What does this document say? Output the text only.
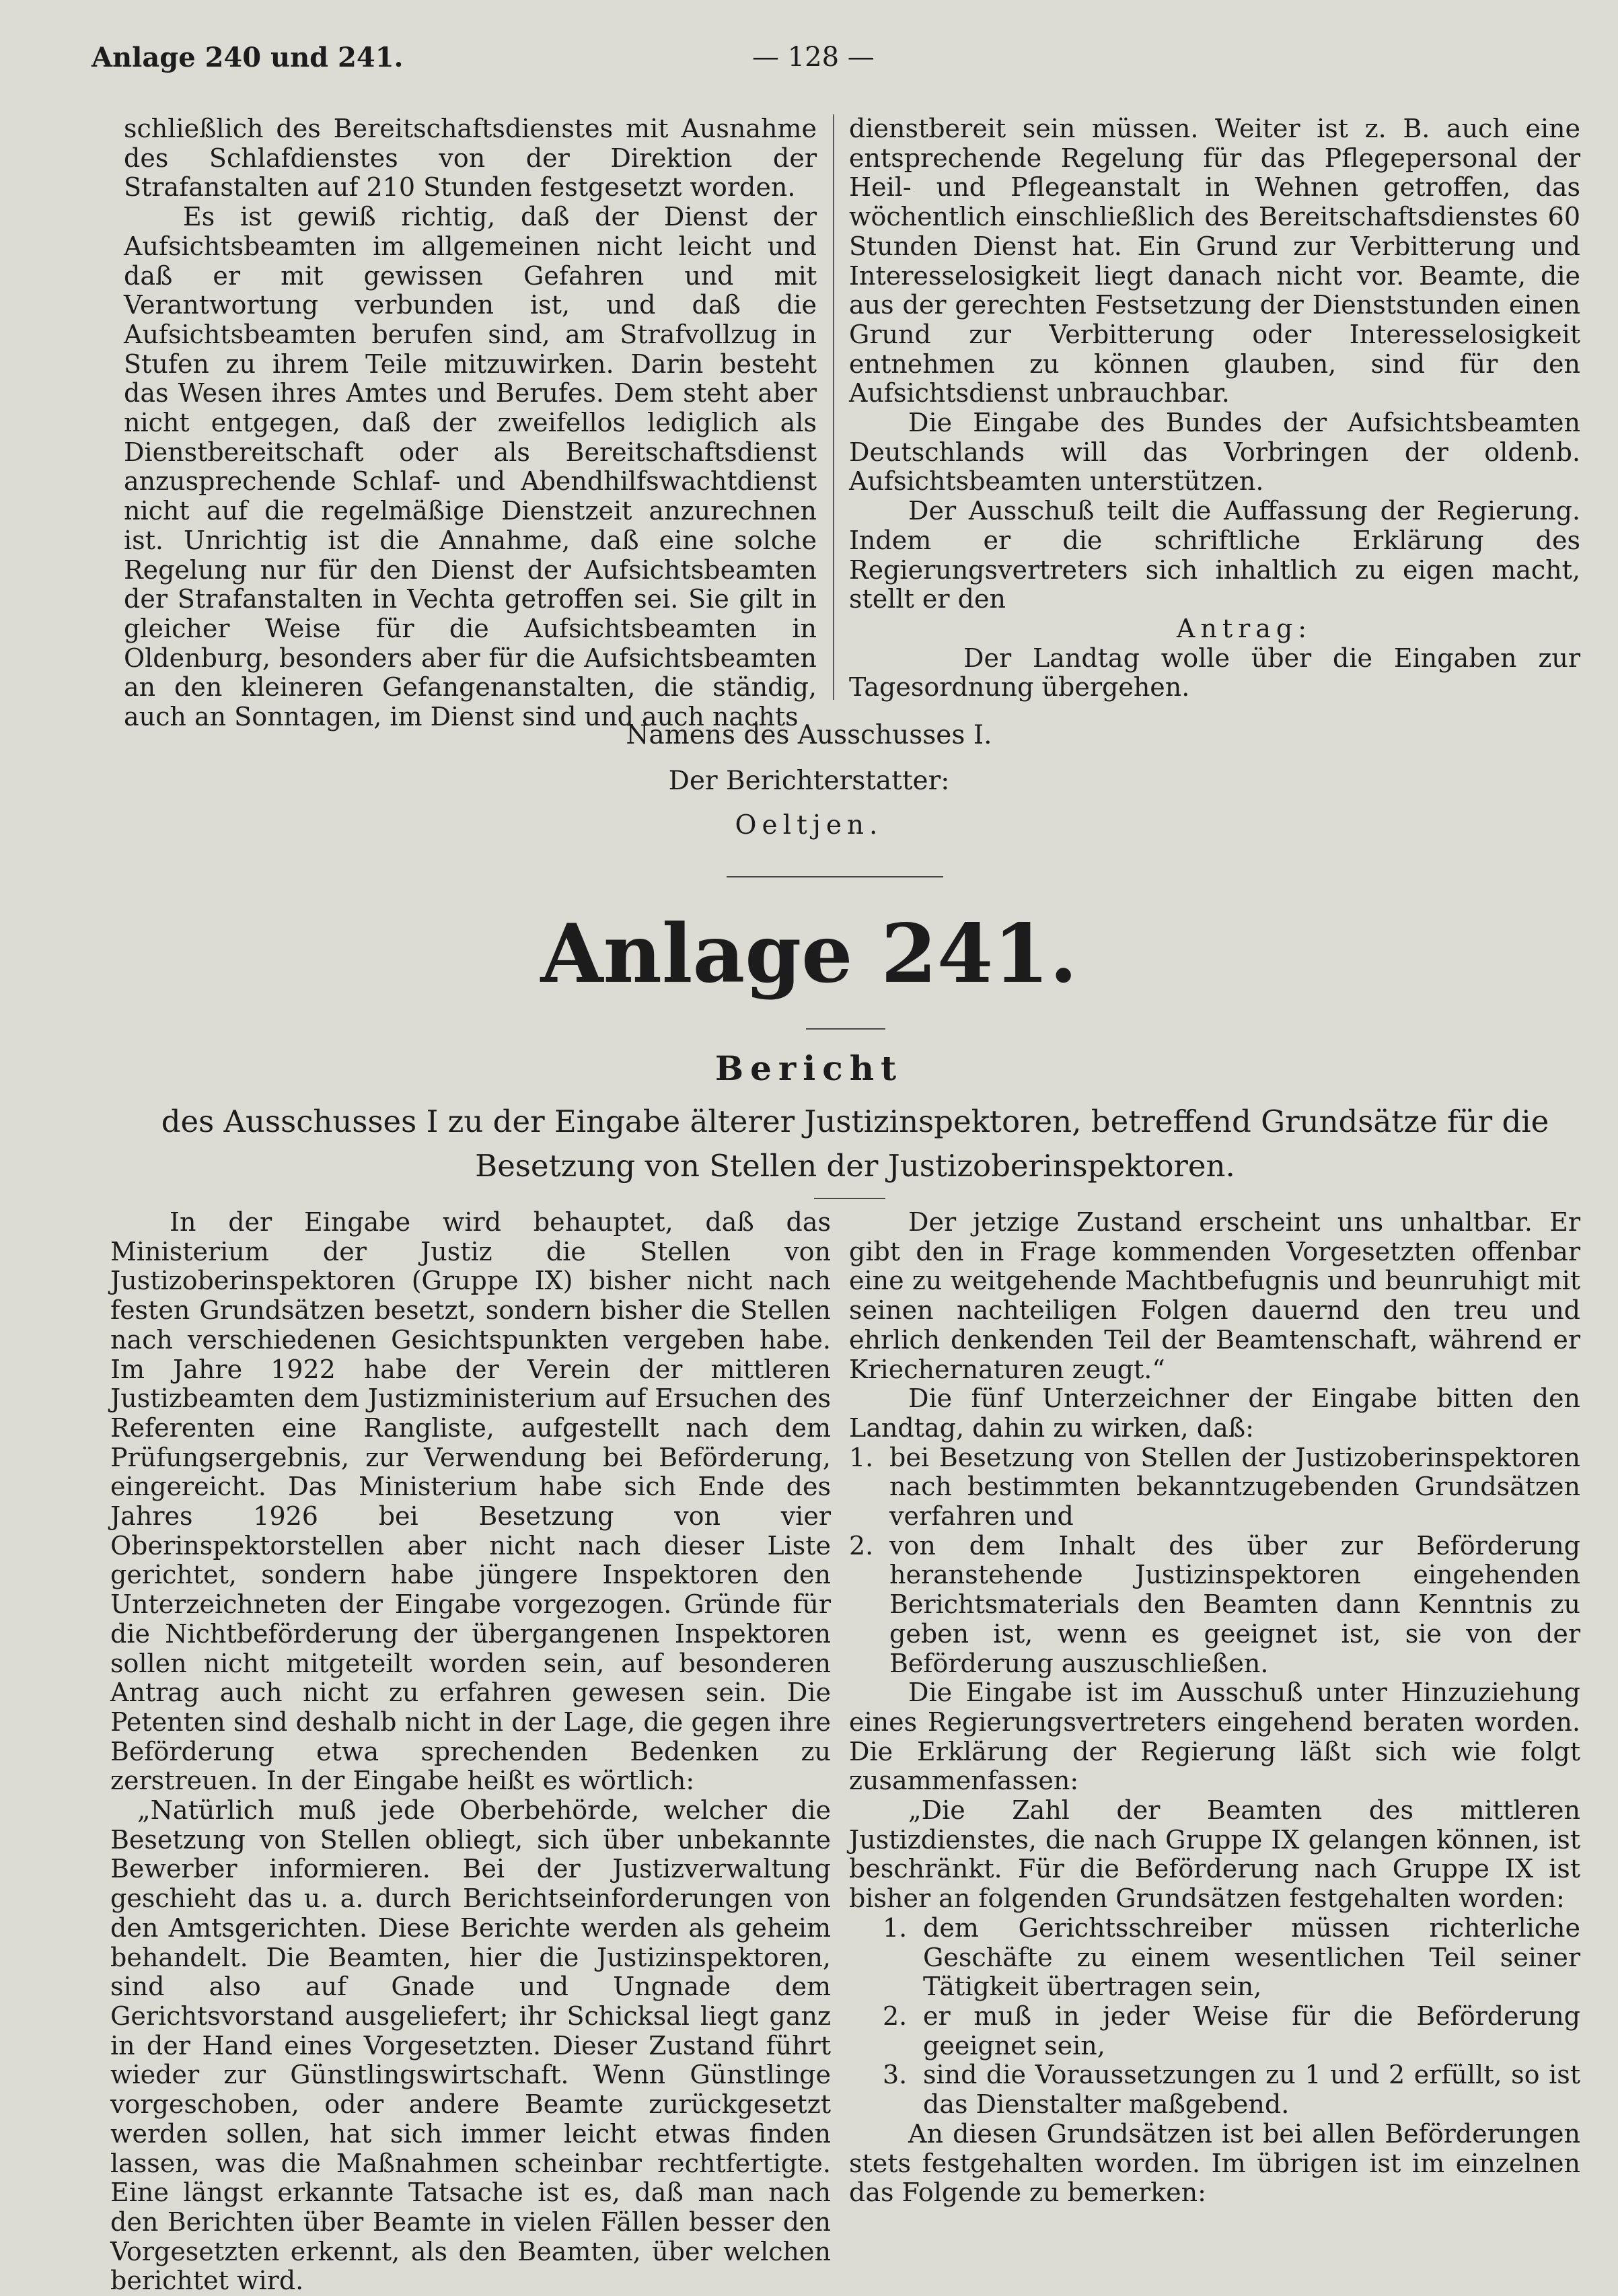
Anlage 240 und 241.	— 128 —

schließlich des Bereitschaftsdienstes mit Ausnahme des Schlafdienstes von der Direktion der Strafanstalten auf 210 Stunden festgesetzt worden.

Es ist gewiß richtig, daß der Dienst der Aufsichtsbeamten im allgemeinen nicht leicht und daß er mit gewissen Gefahren und mit Verantwortung verbunden ist, und daß die Aufsichtsbeamten berufen sind, am Strafvollzug in Stufen zu ihrem Teile mitzuwirken. Darin besteht das Wesen ihres Amtes und Berufes. Dem steht aber nicht entgegen, daß der zweifellos lediglich als Dienstbereitschaft oder als Bereitschaftsdienst anzusprechende Schlaf- und Abendhilfswachtdienst nicht auf die regelmäßige Dienstzeit anzurechnen ist. Unrichtig ist die Annahme, daß eine solche Regelung nur für den Dienst der Aufsichtsbeamten der Strafanstalten in Vechta getroffen sei. Sie gilt in gleicher Weise für die Aufsichtsbeamten in Oldenburg, besonders aber für die Aufsichtsbeamten an den kleineren Gefangenanstalten, die ständig, auch an Sonntagen, im Dienst sind und auch nachts

dienstbereit sein müssen. Weiter ist z. B. auch eine entsprechende Regelung für das Pflegepersonal der Heil- und Pflegeanstalt in Wehnen getroffen, das wöchentlich einschließlich des Bereitschaftsdienstes 60 Stunden Dienst hat. Ein Grund zur Verbitterung und Interesselosigkeit liegt danach nicht vor. Beamte, die aus der gerechten Festsetzung der Dienststunden einen Grund zur Verbitterung oder Interesselosigkeit entnehmen zu können glauben, sind für den Aufsichtsdienst unbrauchbar.

Die Eingabe des Bundes der Aufsichtsbeamten Deutschlands will das Vorbringen der oldenb. Aufsichtsbeamten unterstützen.

Der Ausschuß teilt die Auffassung der Regierung. Indem er die schriftliche Erklärung des Regierungsvertreters sich inhaltlich zu eigen macht, stellt er den

Antrag:

Der Landtag wolle über die Eingaben zur Tagesordnung übergehen.

Namens des Ausschusses I.
Der Berichterstatter:
Oeltjen.
Anlage 241.
Bericht
des Ausschusses I zu der Eingabe älterer Justizinspektoren, betreffend Grundsätze für die Besetzung von Stellen der Justizoberinspektoren.

In der Eingabe wird behauptet, daß das Ministerium der Justiz die Stellen von Justizoberinspektoren (Gruppe IX) bisher nicht nach festen Grundsätzen besetzt, sondern bisher die Stellen nach verschiedenen Gesichtspunkten vergeben habe. Im Jahre 1922 habe der Verein der mittleren Justizbeamten dem Justizministerium auf Ersuchen des Referenten eine Rangliste, aufgestellt nach dem Prüfungsergebnis, zur Verwendung bei Beförderung, eingereicht. Das Ministerium habe sich Ende des Jahres 1926 bei Besetzung von vier Oberinspektorstellen aber nicht nach dieser Liste gerichtet, sondern habe jüngere Inspektoren den Unterzeichneten der Eingabe vorgezogen. Gründe für die Nichtbeförderung der übergangenen Inspektoren sollen nicht mitgeteilt worden sein, auf besonderen Antrag auch nicht zu erfahren gewesen sein. Die Petenten sind deshalb nicht in der Lage, die gegen ihre Beförderung etwa sprechenden Bedenken zu zerstreuen. In der Eingabe heißt es wörtlich:

„Natürlich muß jede Oberbehörde, welcher die Besetzung von Stellen obliegt, sich über unbekannte Bewerber informieren. Bei der Justizverwaltung geschieht das u. a. durch Berichtseinforderungen von den Amtsgerichten. Diese Berichte werden als geheim behandelt. Die Beamten, hier die Justizinspektoren, sind also auf Gnade und Ungnade dem Gerichtsvorstand ausgeliefert; ihr Schicksal liegt ganz in der Hand eines Vorgesetzten. Dieser Zustand führt wieder zur Günstlingswirtschaft. Wenn Günstlinge vorgeschoben, oder andere Beamte zurückgesetzt werden sollen, hat sich immer leicht etwas finden lassen, was die Maßnahmen scheinbar rechtfertigte. Eine längst erkannte Tatsache ist es, daß man nach den Berichten über Beamte in vielen Fällen besser den Vorgesetzten erkennt, als den Beamten, über welchen berichtet wird.

Der jetzige Zustand erscheint uns unhaltbar. Er gibt den in Frage kommenden Vorgesetzten offenbar eine zu weitgehende Machtbefugnis und beunruhigt mit seinen nachteiligen Folgen dauernd den treu und ehrlich denkenden Teil der Beamtenschaft, während er Kriechernaturen zeugt.“

Die fünf Unterzeichner der Eingabe bitten den Landtag, dahin zu wirken, daß:

1. bei Besetzung von Stellen der Justizoberinspektoren nach bestimmten bekanntzugebenden Grundsätzen verfahren und
2. von dem Inhalt des über zur Beförderung heranstehende Justizinspektoren eingehenden Berichtsmaterials den Beamten dann Kenntnis zu geben ist, wenn es geeignet ist, sie von der Beförderung auszuschließen.

Die Eingabe ist im Ausschuß unter Hinzuziehung eines Regierungsvertreters eingehend beraten worden. Die Erklärung der Regierung läßt sich wie folgt zusammenfassen:

„Die Zahl der Beamten des mittleren Justizdienstes, die nach Gruppe IX gelangen können, ist beschränkt. Für die Beförderung nach Gruppe IX ist bisher an folgenden Grundsätzen festgehalten worden:

1. dem Gerichtsschreiber müssen richterliche Geschäfte zu einem wesentlichen Teil seiner Tätigkeit übertragen sein,
2. er muß in jeder Weise für die Beförderung geeignet sein,
3. sind die Voraussetzungen zu 1 und 2 erfüllt, so ist das Dienstalter maßgebend.

An diesen Grundsätzen ist bei allen Beförderungen stets festgehalten worden. Im übrigen ist im einzelnen das Folgende zu bemerken:
